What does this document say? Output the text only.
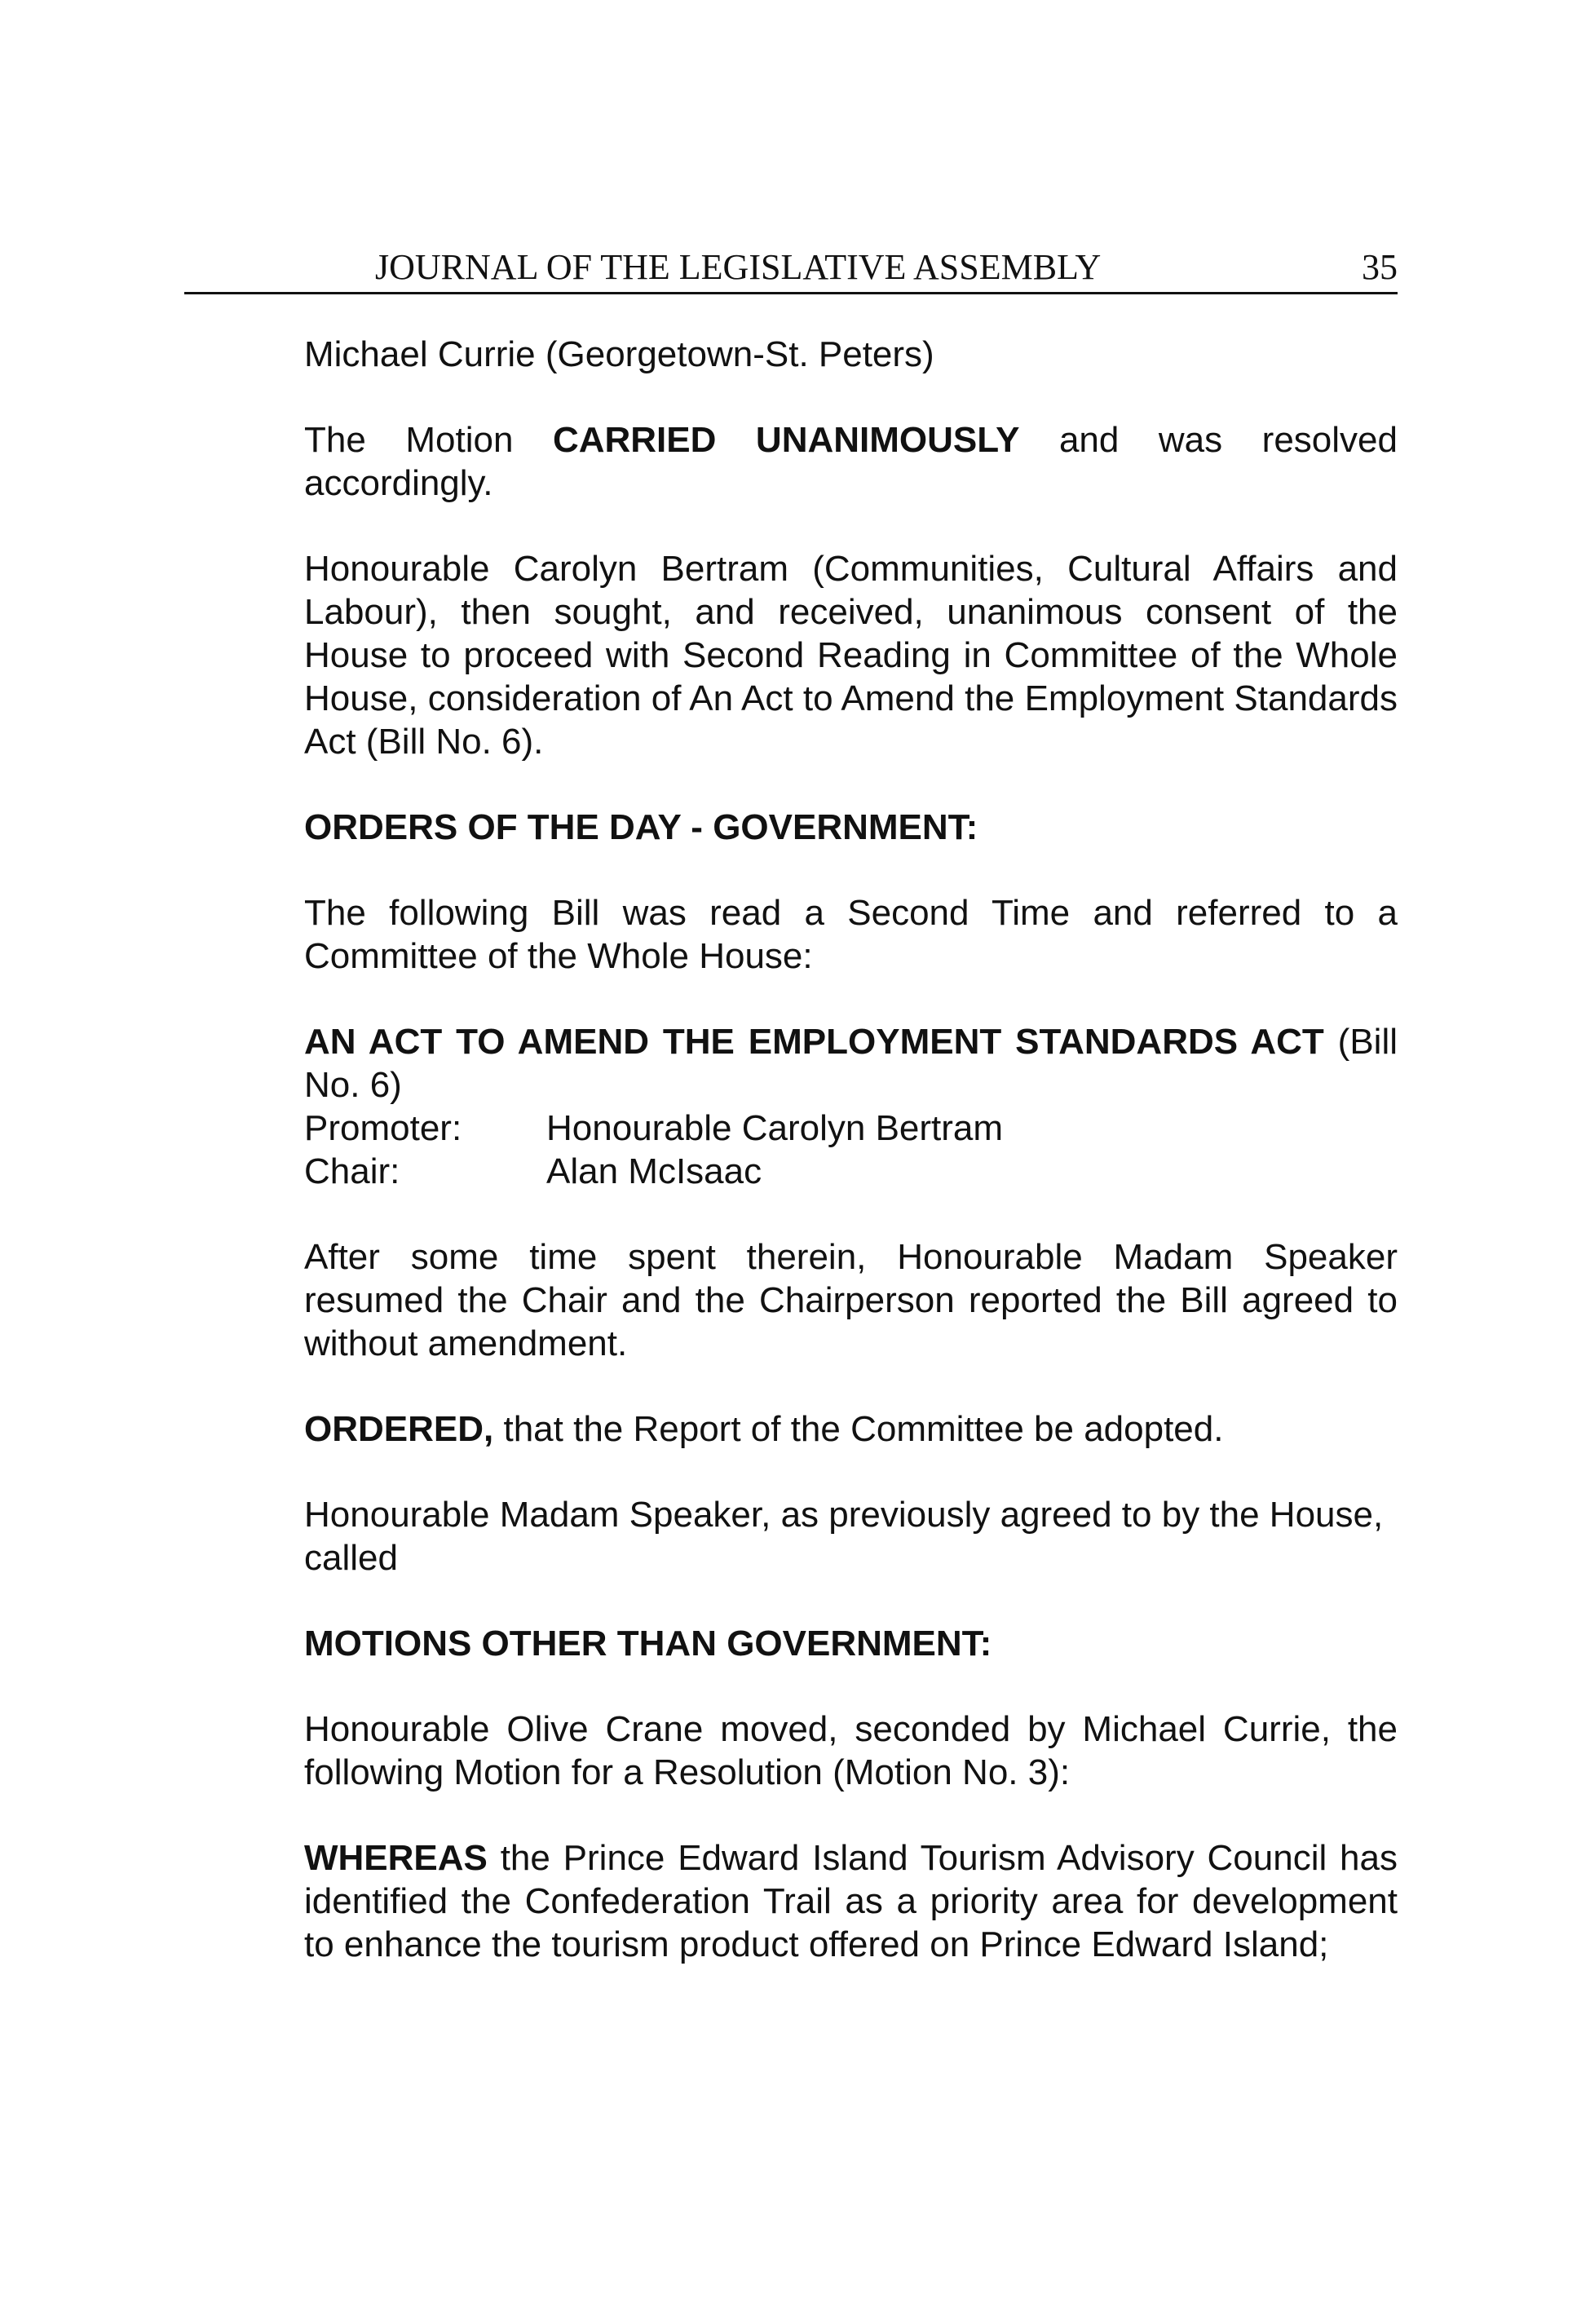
JOURNAL OF THE LEGISLATIVE ASSEMBLY	35

Michael Currie (Georgetown-St. Peters)

The Motion CARRIED UNANIMOUSLY and was resolved accordingly.

Honourable Carolyn Bertram (Communities, Cultural Affairs and Labour), then sought, and received, unanimous consent of the House to proceed with Second Reading in Committee of the Whole House, consideration of An Act to Amend the Employment Standards Act (Bill No. 6).

ORDERS OF THE DAY - GOVERNMENT:

The following Bill was read a Second Time and referred to a Committee of the Whole House:

AN ACT TO AMEND THE EMPLOYMENT STANDARDS ACT (Bill No. 6)

Promoter:	Honourable Carolyn Bertram
Chair:	Alan McIsaac

After some time spent therein, Honourable Madam Speaker resumed the Chair and the Chairperson reported the Bill agreed to without amendment.

ORDERED, that the Report of the Committee be adopted.

Honourable Madam Speaker, as previously agreed to by the House, called

MOTIONS OTHER THAN GOVERNMENT:

Honourable Olive Crane moved, seconded by Michael Currie, the following Motion for a Resolution (Motion No. 3):

WHEREAS the Prince Edward Island Tourism Advisory Council has identified the Confederation Trail as a priority area for development to enhance the tourism product offered on Prince Edward Island;
